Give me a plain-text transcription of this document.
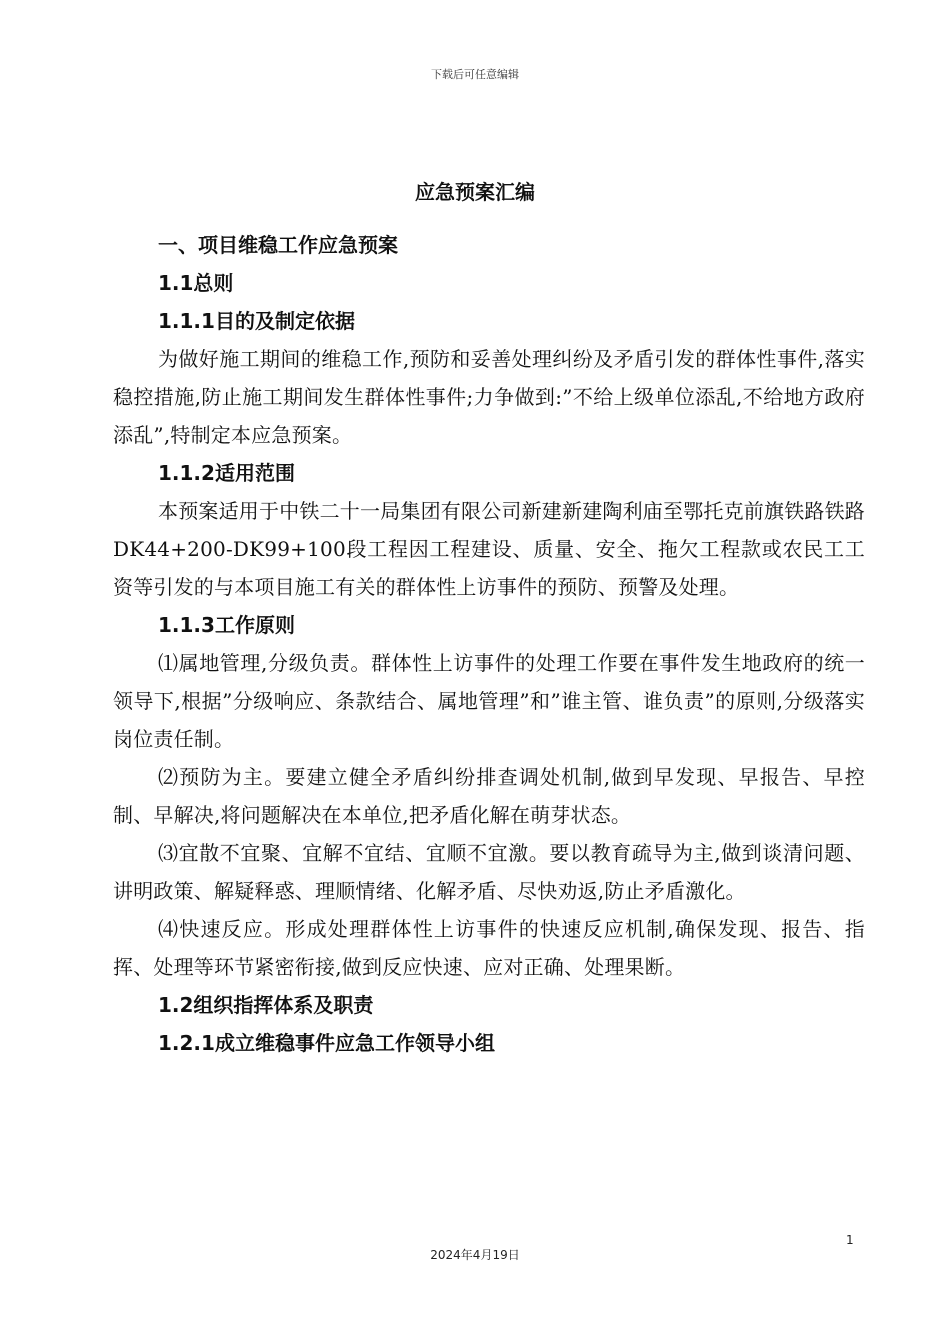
下载后可任意编辑
应急预案汇编

一、项目维稳工作应急预案

1.1总则

1.1.1目的及制定依据

为做好施工期间的维稳工作,预防和妥善处理纠纷及矛盾引发的群体性事件,落实稳控措施,防止施工期间发生群体性事件;力争做到:”不给上级单位添乱,不给地方政府添乱”,特制定本应急预案。

1.1.2适用范围

本预案适用于中铁二十一局集团有限公司新建新建陶利庙至鄂托克前旗铁路铁路DK44+200-DK99+100段工程因工程建设、质量、安全、拖欠工程款或农民工工资等引发的与本项目施工有关的群体性上访事件的预防、预警及处理。

1.1.3工作原则

⑴属地管理,分级负责。群体性上访事件的处理工作要在事件发生地政府的统一领导下,根据”分级响应、条款结合、属地管理”和”谁主管、谁负责”的原则,分级落实岗位责任制。

⑵预防为主。要建立健全矛盾纠纷排查调处机制,做到早发现、早报告、早控制、早解决,将问题解决在本单位,把矛盾化解在萌芽状态。

⑶宜散不宜聚、宜解不宜结、宜顺不宜激。要以教育疏导为主,做到谈清问题、讲明政策、解疑释惑、理顺情绪、化解矛盾、尽快劝返,防止矛盾激化。

⑷快速反应。形成处理群体性上访事件的快速反应机制,确保发现、报告、指挥、处理等环节紧密衔接,做到反应快速、应对正确、处理果断。

1.2组织指挥体系及职责

1.2.1成立维稳事件应急工作领导小组

1
2024年4月19日
